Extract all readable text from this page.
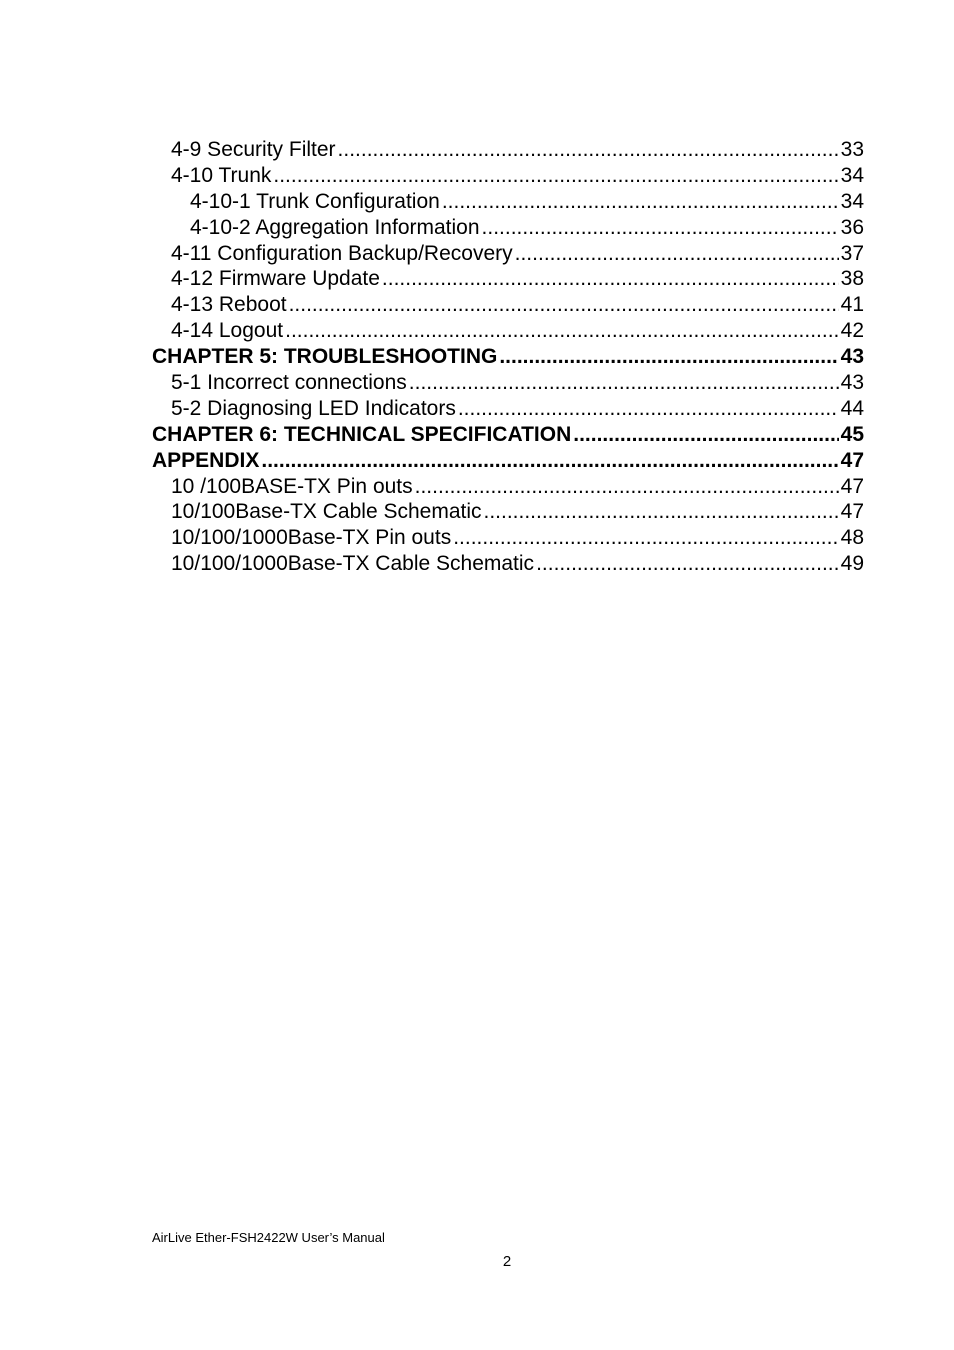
4-9 Security Filter .....	33
4-10 Trunk .....	34
4-10-1 Trunk Configuration .....	34
4-10-2 Aggregation Information .....	36
4-11 Configuration Backup/Recovery .....	37
4-12 Firmware Update .....	38
4-13 Reboot .....	41
4-14 Logout .....	42
CHAPTER 5: TROUBLESHOOTING .....	43
5-1 Incorrect connections .....	43
5-2 Diagnosing LED Indicators .....	44
CHAPTER 6: TECHNICAL SPECIFICATION .....	45
APPENDIX .....	47
10 /100BASE-TX Pin outs .....	47
10/100Base-TX Cable Schematic .....	47
10/100/1000Base-TX Pin outs .....	48
10/100/1000Base-TX Cable Schematic .....	49
AirLive Ether-FSH2422W User’s Manual
2
